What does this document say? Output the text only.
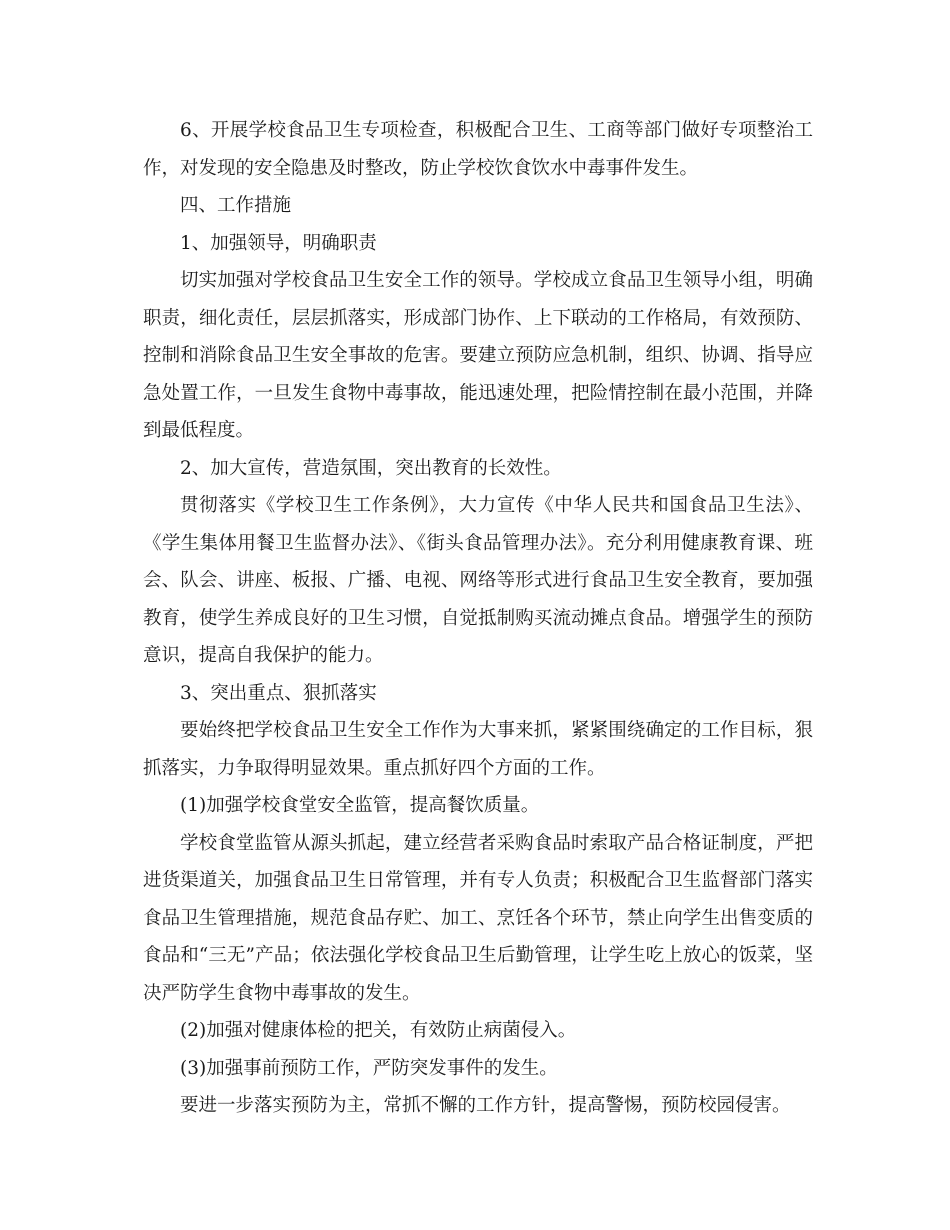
6、开展学校食品卫生专项检查，积极配合卫生、工商等部门做好专项整治工作，对发现的安全隐患及时整改，防止学校饮食饮水中毒事件发生。

四、工作措施

1、加强领导，明确职责

切实加强对学校食品卫生安全工作的领导。学校成立食品卫生领导小组，明确职责，细化责任，层层抓落实，形成部门协作、上下联动的工作格局，有效预防、控制和消除食品卫生安全事故的危害。要建立预防应急机制，组织、协调、指导应急处置工作，一旦发生食物中毒事故，能迅速处理，把险情控制在最小范围，并降到最低程度。

2、加大宣传，营造氛围，突出教育的长效性。

贯彻落实《学校卫生工作条例》，大力宣传《中华人民共和国食品卫生法》、《学生集体用餐卫生监督办法》、《街头食品管理办法》。充分利用健康教育课、班会、队会、讲座、板报、广播、电视、网络等形式进行食品卫生安全教育，要加强教育，使学生养成良好的卫生习惯，自觉抵制购买流动摊点食品。增强学生的预防意识，提高自我保护的能力。

3、突出重点、狠抓落实

要始终把学校食品卫生安全工作作为大事来抓，紧紧围绕确定的工作目标，狠抓落实，力争取得明显效果。重点抓好四个方面的工作。

(1)加强学校食堂安全监管，提高餐饮质量。

学校食堂监管从源头抓起，建立经营者采购食品时索取产品合格证制度，严把进货渠道关，加强食品卫生日常管理，并有专人负责；积极配合卫生监督部门落实食品卫生管理措施，规范食品存贮、加工、烹饪各个环节，禁止向学生出售变质的食品和“三无”产品；依法强化学校食品卫生后勤管理，让学生吃上放心的饭菜，坚决严防学生食物中毒事故的发生。

(2)加强对健康体检的把关，有效防止病菌侵入。

(3)加强事前预防工作，严防突发事件的发生。

要进一步落实预防为主，常抓不懈的工作方针，提高警惕，预防校园侵害。
